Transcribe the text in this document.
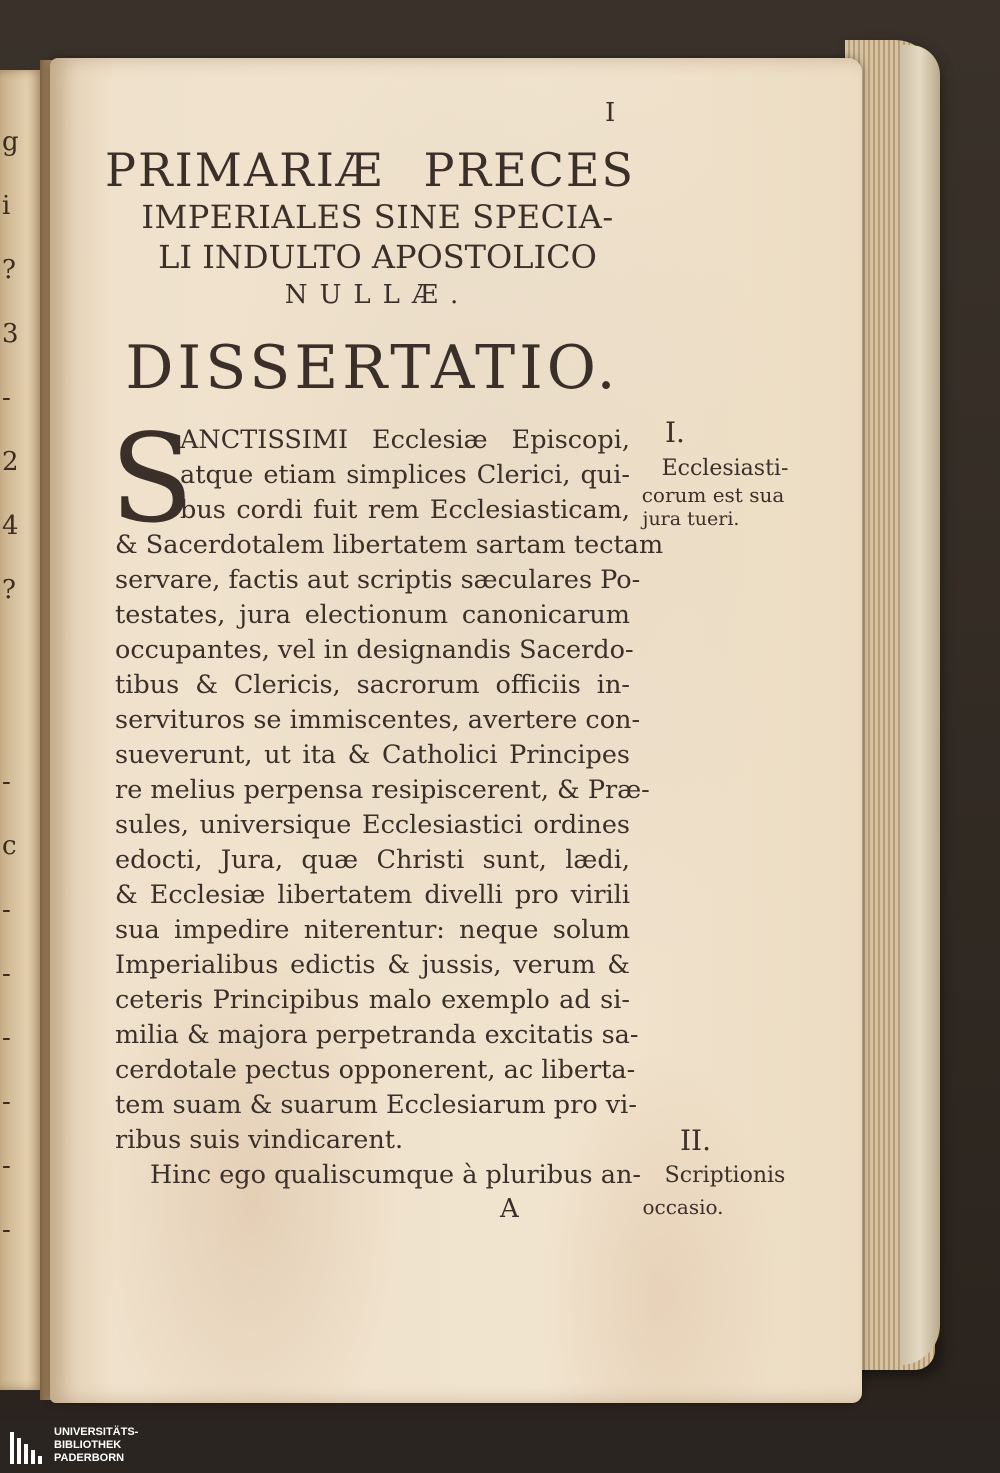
g
i
?
3
-
2
4
?

-
c
-
-
-
-
-
-
I
PRIMARIÆ PRECES
IMPERIALES SINE SPECIA-
LI INDULTO APOSTOLICO
NULLÆ.
DISSERTATIO.
S
ANCTISSIMI Ecclesiæ Episcopi,
atque etiam simplices Clerici, qui-
bus cordi fuit rem Ecclesiasticam,
& Sacerdotalem libertatem sartam tectam
servare, factis aut scriptis sæculares Po-
testates, jura electionum canonicarum
occupantes, vel in designandis Sacerdo-
tibus & Clericis, sacrorum officiis in-
servituros se immiscentes, avertere con-
sueverunt, ut ita & Catholici Principes
re melius perpensa resipiscerent, & Præ-
sules, universique Ecclesiastici ordines
edocti, Jura, quæ Christi sunt, lædi,
& Ecclesiæ libertatem divelli pro virili
sua impedire niterentur: neque solum
Imperialibus edictis & jussis, verum &
ceteris Principibus malo exemplo ad si-
milia & majora perpetranda excitatis sa-
cerdotale pectus opponerent, ac liberta-
tem suam & suarum Ecclesiarum pro vi-
ribus suis vindicarent.
Hinc ego qualiscumque à pluribus an-
A
I.
Ecclesiasti-
corum est sua
jura tueri.
II.
Scriptionis
occasio.
UNIVERSITÄTS-
BIBLIOTHEK
PADERBORN
